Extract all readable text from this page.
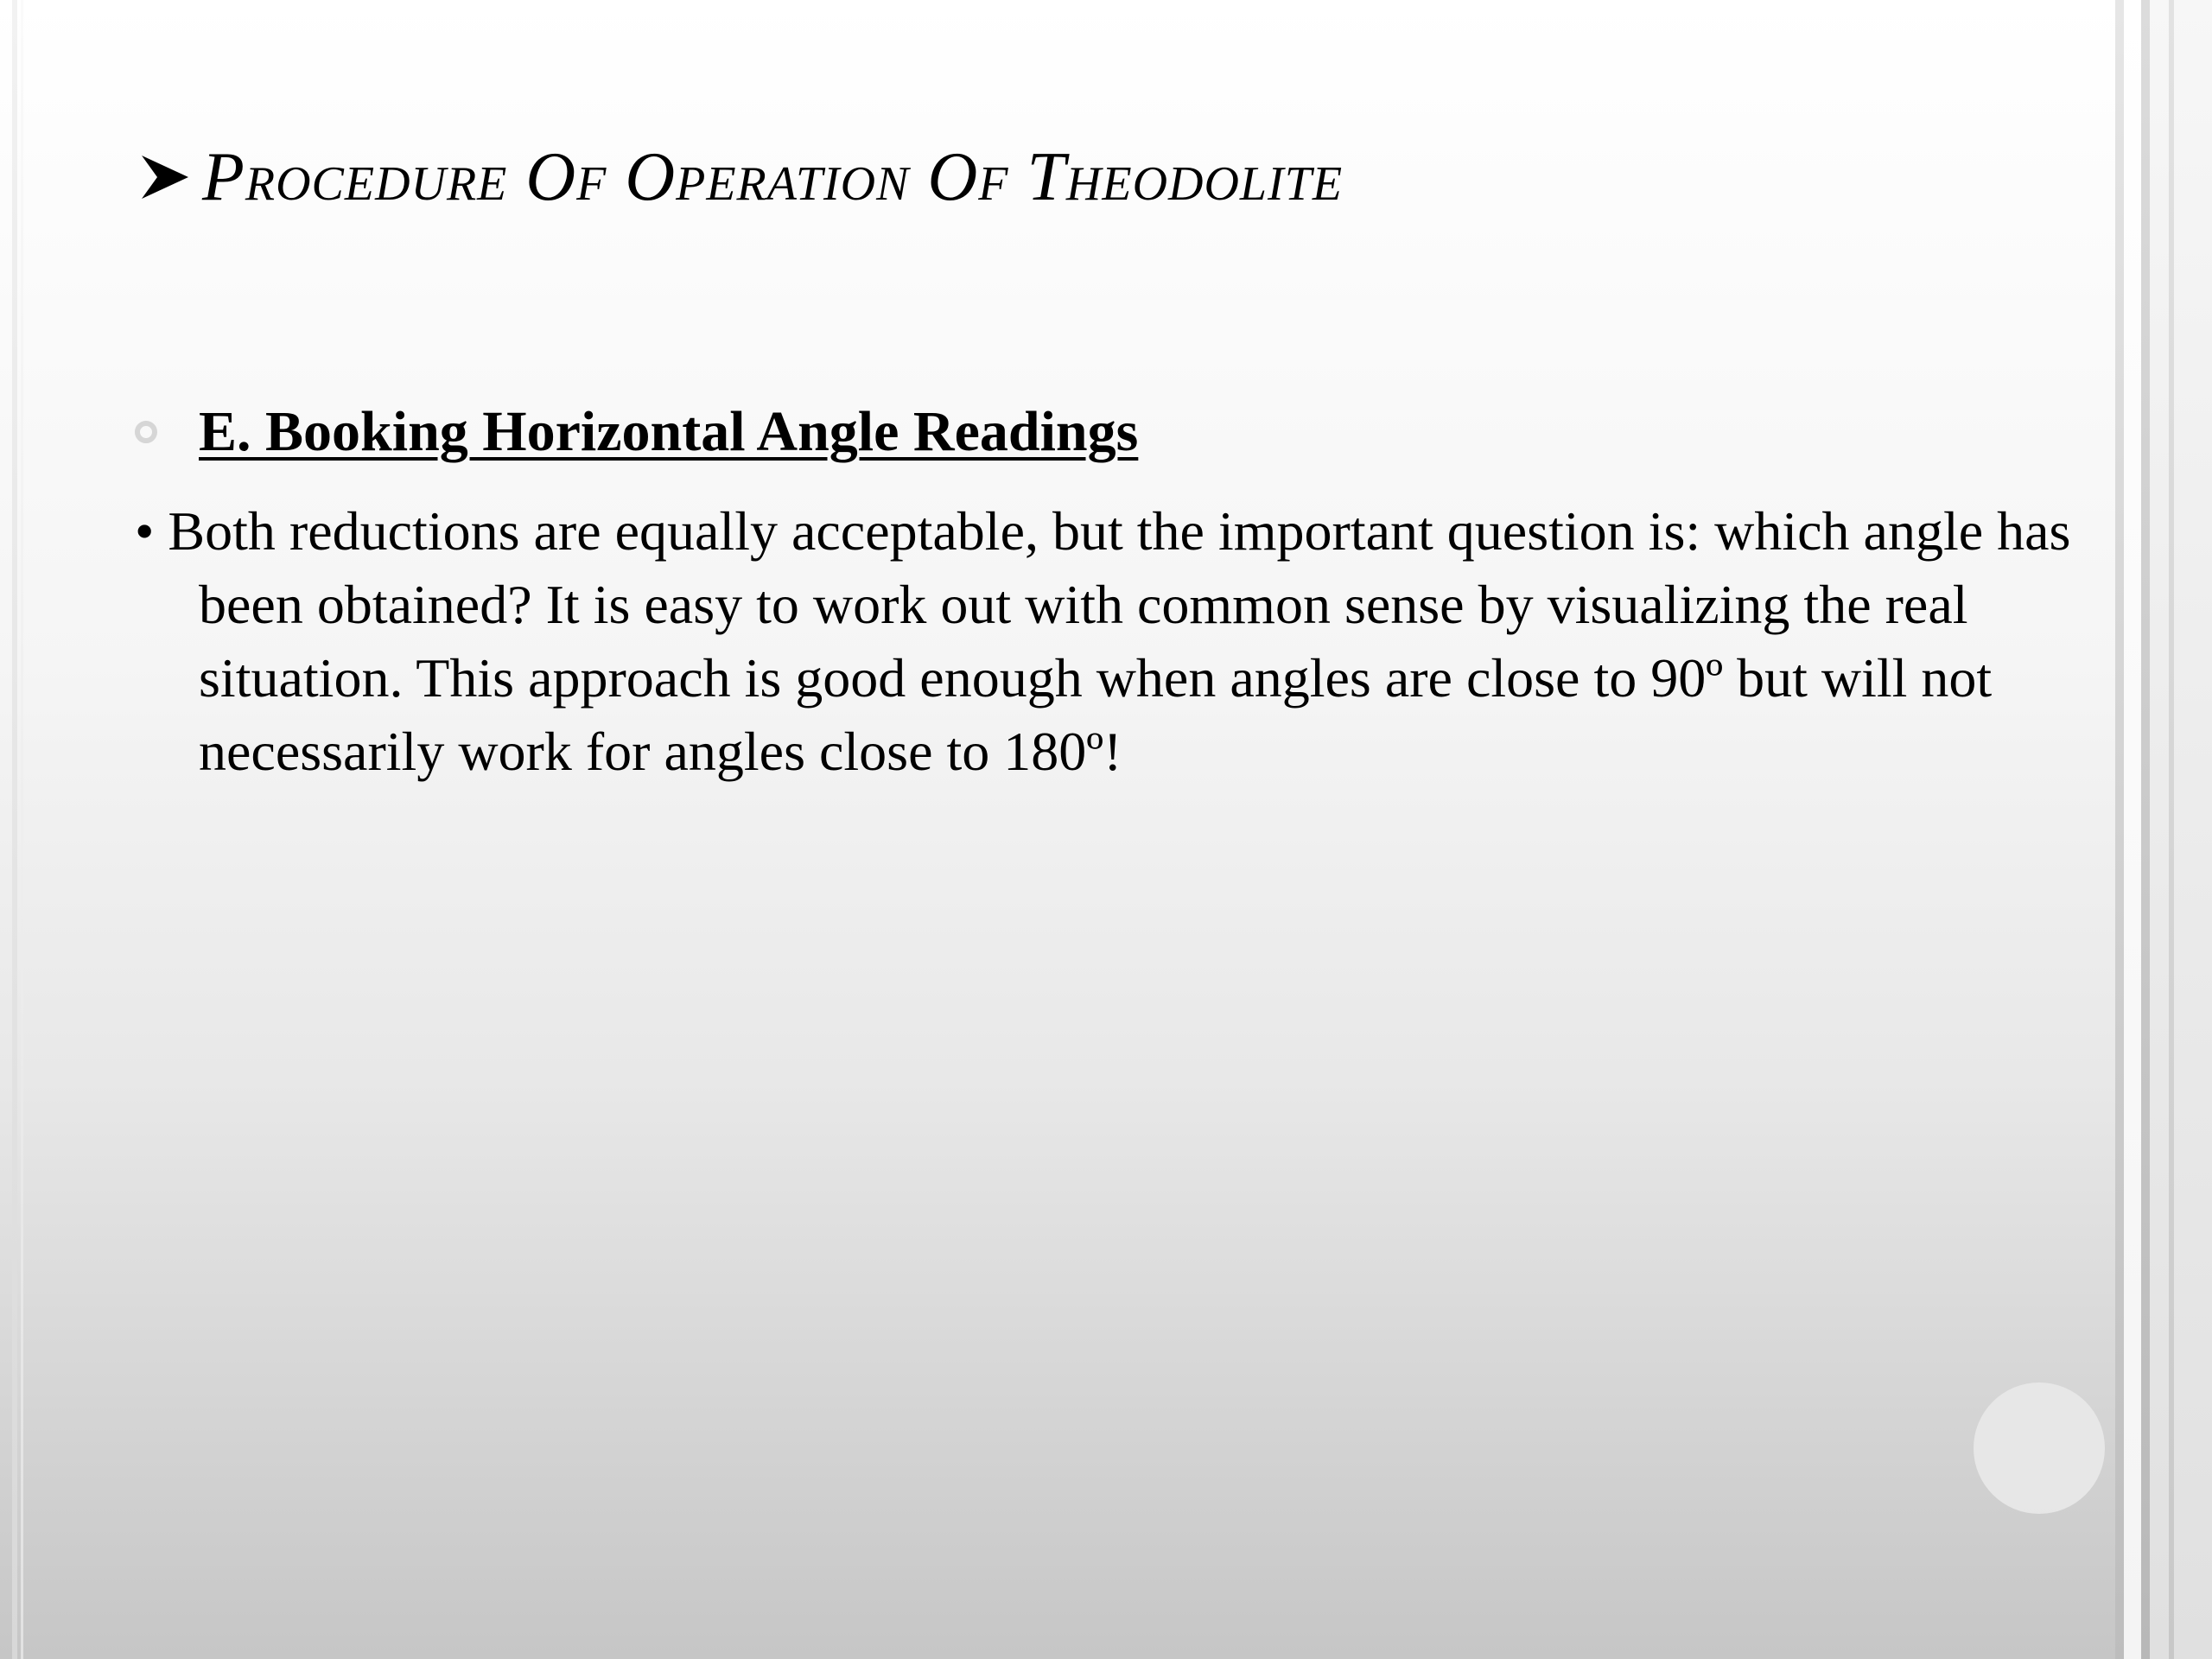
Procedure Of Operation Of Theodolite
E. Booking Horizontal Angle Readings
• Both reductions are equally acceptable, but the important question is: which angle has been obtained? It is easy to work out with common sense by visualizing the real situation. This approach is good enough when angles are close to 90º but will not necessarily work for angles close to 180º!
